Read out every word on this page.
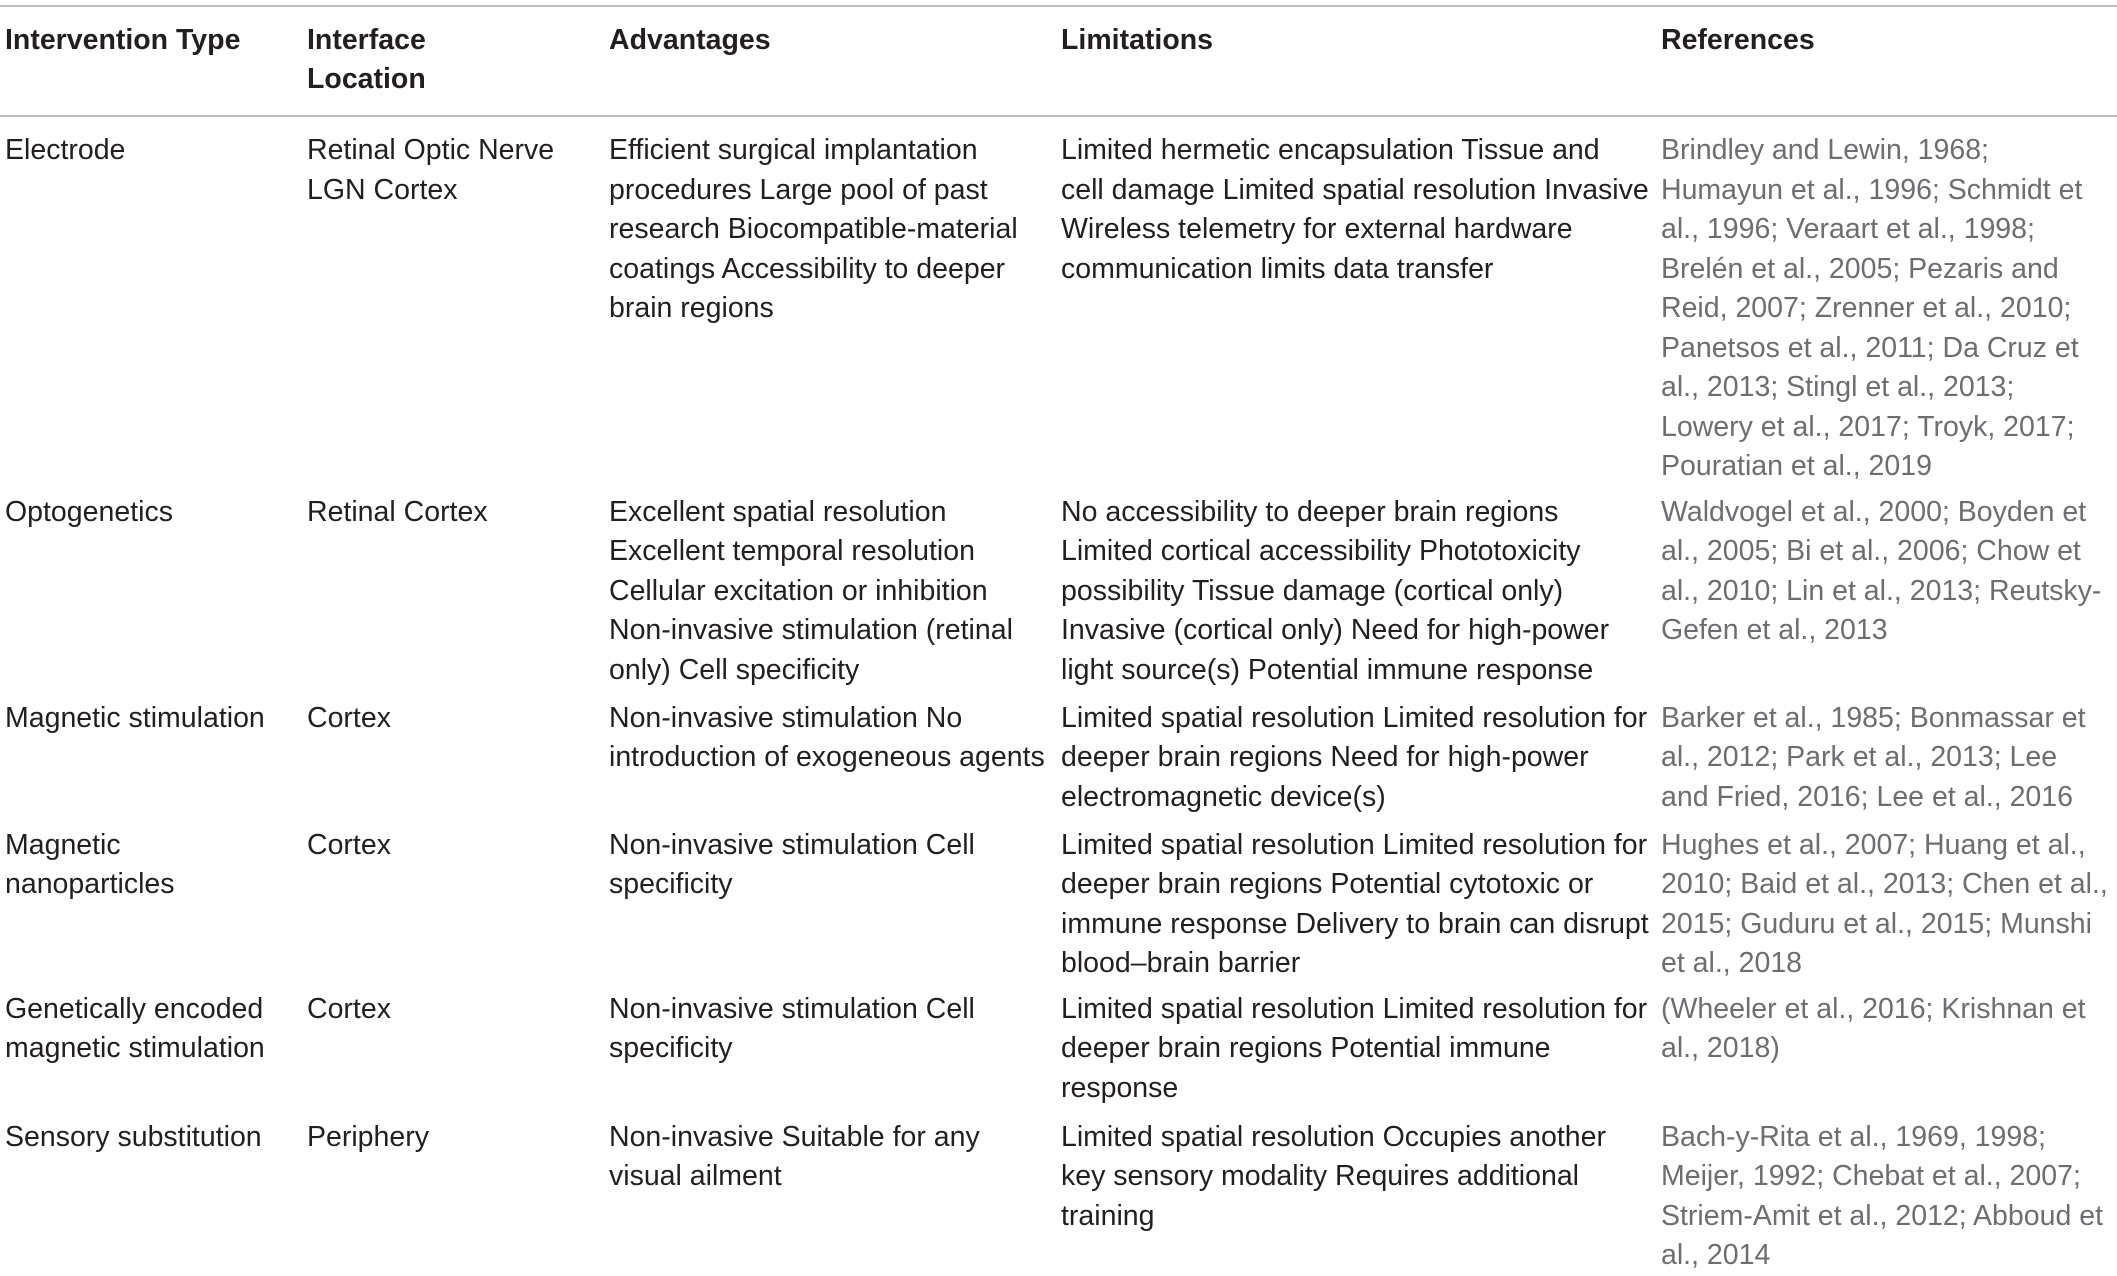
Intervention Type	Interface Location	Advantages	Limitations	References

Electrode	Retinal Optic Nerve LGN Cortex	Efficient surgical implantation procedures Large pool of past research Biocompatible-material coatings Accessibility to deeper brain regions	Limited hermetic encapsulation Tissue and cell damage Limited spatial resolution Invasive Wireless telemetry for external hardware communication limits data transfer	Brindley and Lewin, 1968; Humayun et al., 1996; Schmidt et al., 1996; Veraart et al., 1998; Brelén et al., 2005; Pezaris and Reid, 2007; Zrenner et al., 2010; Panetsos et al., 2011; Da Cruz et al., 2013; Stingl et al., 2013; Lowery et al., 2017; Troyk, 2017; Pouratian et al., 2019

Optogenetics	Retinal Cortex	Excellent spatial resolution Excellent temporal resolution Cellular excitation or inhibition Non-invasive stimulation (retinal only) Cell specificity	No accessibility to deeper brain regions Limited cortical accessibility Phototoxicity possibility Tissue damage (cortical only) Invasive (cortical only) Need for high-power light source(s) Potential immune response	Waldvogel et al., 2000; Boyden et al., 2005; Bi et al., 2006; Chow et al., 2010; Lin et al., 2013; Reutsky-Gefen et al., 2013

Magnetic stimulation	Cortex	Non-invasive stimulation No introduction of exogeneous agents	Limited spatial resolution Limited resolution for deeper brain regions Need for high-power electromagnetic device(s)	Barker et al., 1985; Bonmassar et al., 2012; Park et al., 2013; Lee and Fried, 2016; Lee et al., 2016

Magnetic nanoparticles	Cortex	Non-invasive stimulation Cell specificity	Limited spatial resolution Limited resolution for deeper brain regions Potential cytotoxic or immune response Delivery to brain can disrupt blood–brain barrier	Hughes et al., 2007; Huang et al., 2010; Baid et al., 2013; Chen et al., 2015; Guduru et al., 2015; Munshi et al., 2018

Genetically encoded magnetic stimulation	Cortex	Non-invasive stimulation Cell specificity	Limited spatial resolution Limited resolution for deeper brain regions Potential immune response	(Wheeler et al., 2016; Krishnan et al., 2018)

Sensory substitution	Periphery	Non-invasive Suitable for any visual ailment	Limited spatial resolution Occupies another key sensory modality Requires additional training	Bach-y-Rita et al., 1969, 1998; Meijer, 1992; Chebat et al., 2007; Striem-Amit et al., 2012; Abboud et al., 2014
